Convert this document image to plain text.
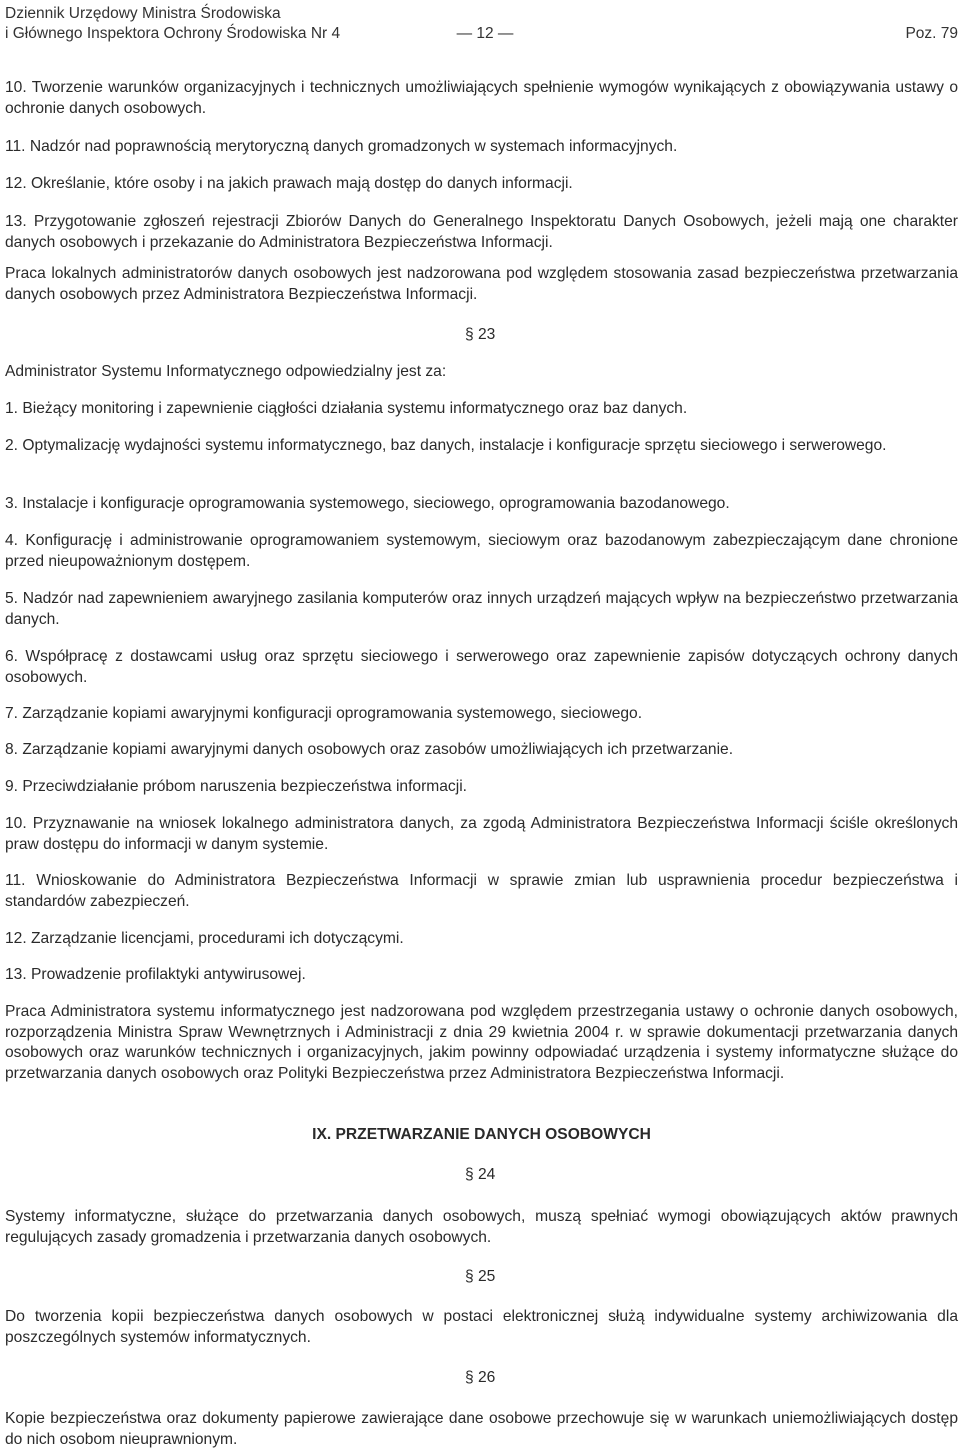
Dziennik Urzędowy Ministra Środowiska
i Głównego Inspektora Ochrony Środowiska Nr 4	— 12 —	Poz. 79

10. Tworzenie warunków organizacyjnych i technicznych umożliwiających spełnienie wymogów wynikających z obowiązywania ustawy o ochronie danych osobowych.

11. Nadzór nad poprawnością merytoryczną danych gromadzonych w systemach informacyjnych.

12. Określanie, które osoby i na jakich prawach mają dostęp do danych informacji.

13. Przygotowanie zgłoszeń rejestracji Zbiorów Danych do Generalnego Inspektoratu Danych Osobowych, jeżeli mają one charakter danych osobowych i przekazanie do Administratora Bezpieczeństwa Informacji.

Praca lokalnych administratorów danych osobowych jest nadzorowana pod względem stosowania zasad bezpieczeństwa przetwarzania danych osobowych przez Administratora Bezpieczeństwa Informacji.

§ 23

Administrator Systemu Informatycznego odpowiedzialny jest za:

1. Bieżący monitoring i zapewnienie ciągłości działania systemu informatycznego oraz baz danych.

2. Optymalizację wydajności systemu informatycznego, baz danych, instalacje i konfiguracje sprzętu sieciowego i serwerowego.

3. Instalacje i konfiguracje oprogramowania systemowego, sieciowego, oprogramowania bazodanowego.

4. Konfigurację i administrowanie oprogramowaniem systemowym, sieciowym oraz bazodanowym zabezpieczającym dane chronione przed nieupoważnionym dostępem.

5. Nadzór nad zapewnieniem awaryjnego zasilania komputerów oraz innych urządzeń mających wpływ na bezpieczeństwo przetwarzania danych.

6. Współpracę z dostawcami usług oraz sprzętu sieciowego i serwerowego oraz zapewnienie zapisów dotyczących ochrony danych osobowych.

7. Zarządzanie kopiami awaryjnymi konfiguracji oprogramowania systemowego, sieciowego.

8. Zarządzanie kopiami awaryjnymi danych osobowych oraz zasobów umożliwiających ich przetwarzanie.

9. Przeciwdziałanie próbom naruszenia bezpieczeństwa informacji.

10. Przyznawanie na wniosek lokalnego administratora danych, za zgodą Administratora Bezpieczeństwa Informacji ściśle określonych praw dostępu do informacji w danym systemie.

11. Wnioskowanie do Administratora Bezpieczeństwa Informacji w sprawie zmian lub usprawnienia procedur bezpieczeństwa i standardów zabezpieczeń.

12. Zarządzanie licencjami, procedurami ich dotyczącymi.

13. Prowadzenie profilaktyki antywirusowej.

Praca Administratora systemu informatycznego jest nadzorowana pod względem przestrzegania ustawy o ochronie danych osobowych, rozporządzenia Ministra Spraw Wewnętrznych i Administracji z dnia 29 kwietnia 2004 r. w sprawie dokumentacji przetwarzania danych osobowych oraz warunków technicznych i organizacyjnych, jakim powinny odpowiadać urządzenia i systemy informatyczne służące do przetwarzania danych osobowych oraz Polityki Bezpieczeństwa przez Administratora Bezpieczeństwa Informacji.

IX. PRZETWARZANIE DANYCH OSOBOWYCH
§ 24

Systemy informatyczne, służące do przetwarzania danych osobowych, muszą spełniać wymogi obowiązujących aktów prawnych regulujących zasady gromadzenia i przetwarzania danych osobowych.

§ 25

Do tworzenia kopii bezpieczeństwa danych osobowych w postaci elektronicznej służą indywidualne systemy archiwizowania dla poszczególnych systemów informatycznych.

§ 26

Kopie bezpieczeństwa oraz dokumenty papierowe zawierające dane osobowe przechowuje się w warunkach uniemożliwiających dostęp do nich osobom nieuprawnionym.
